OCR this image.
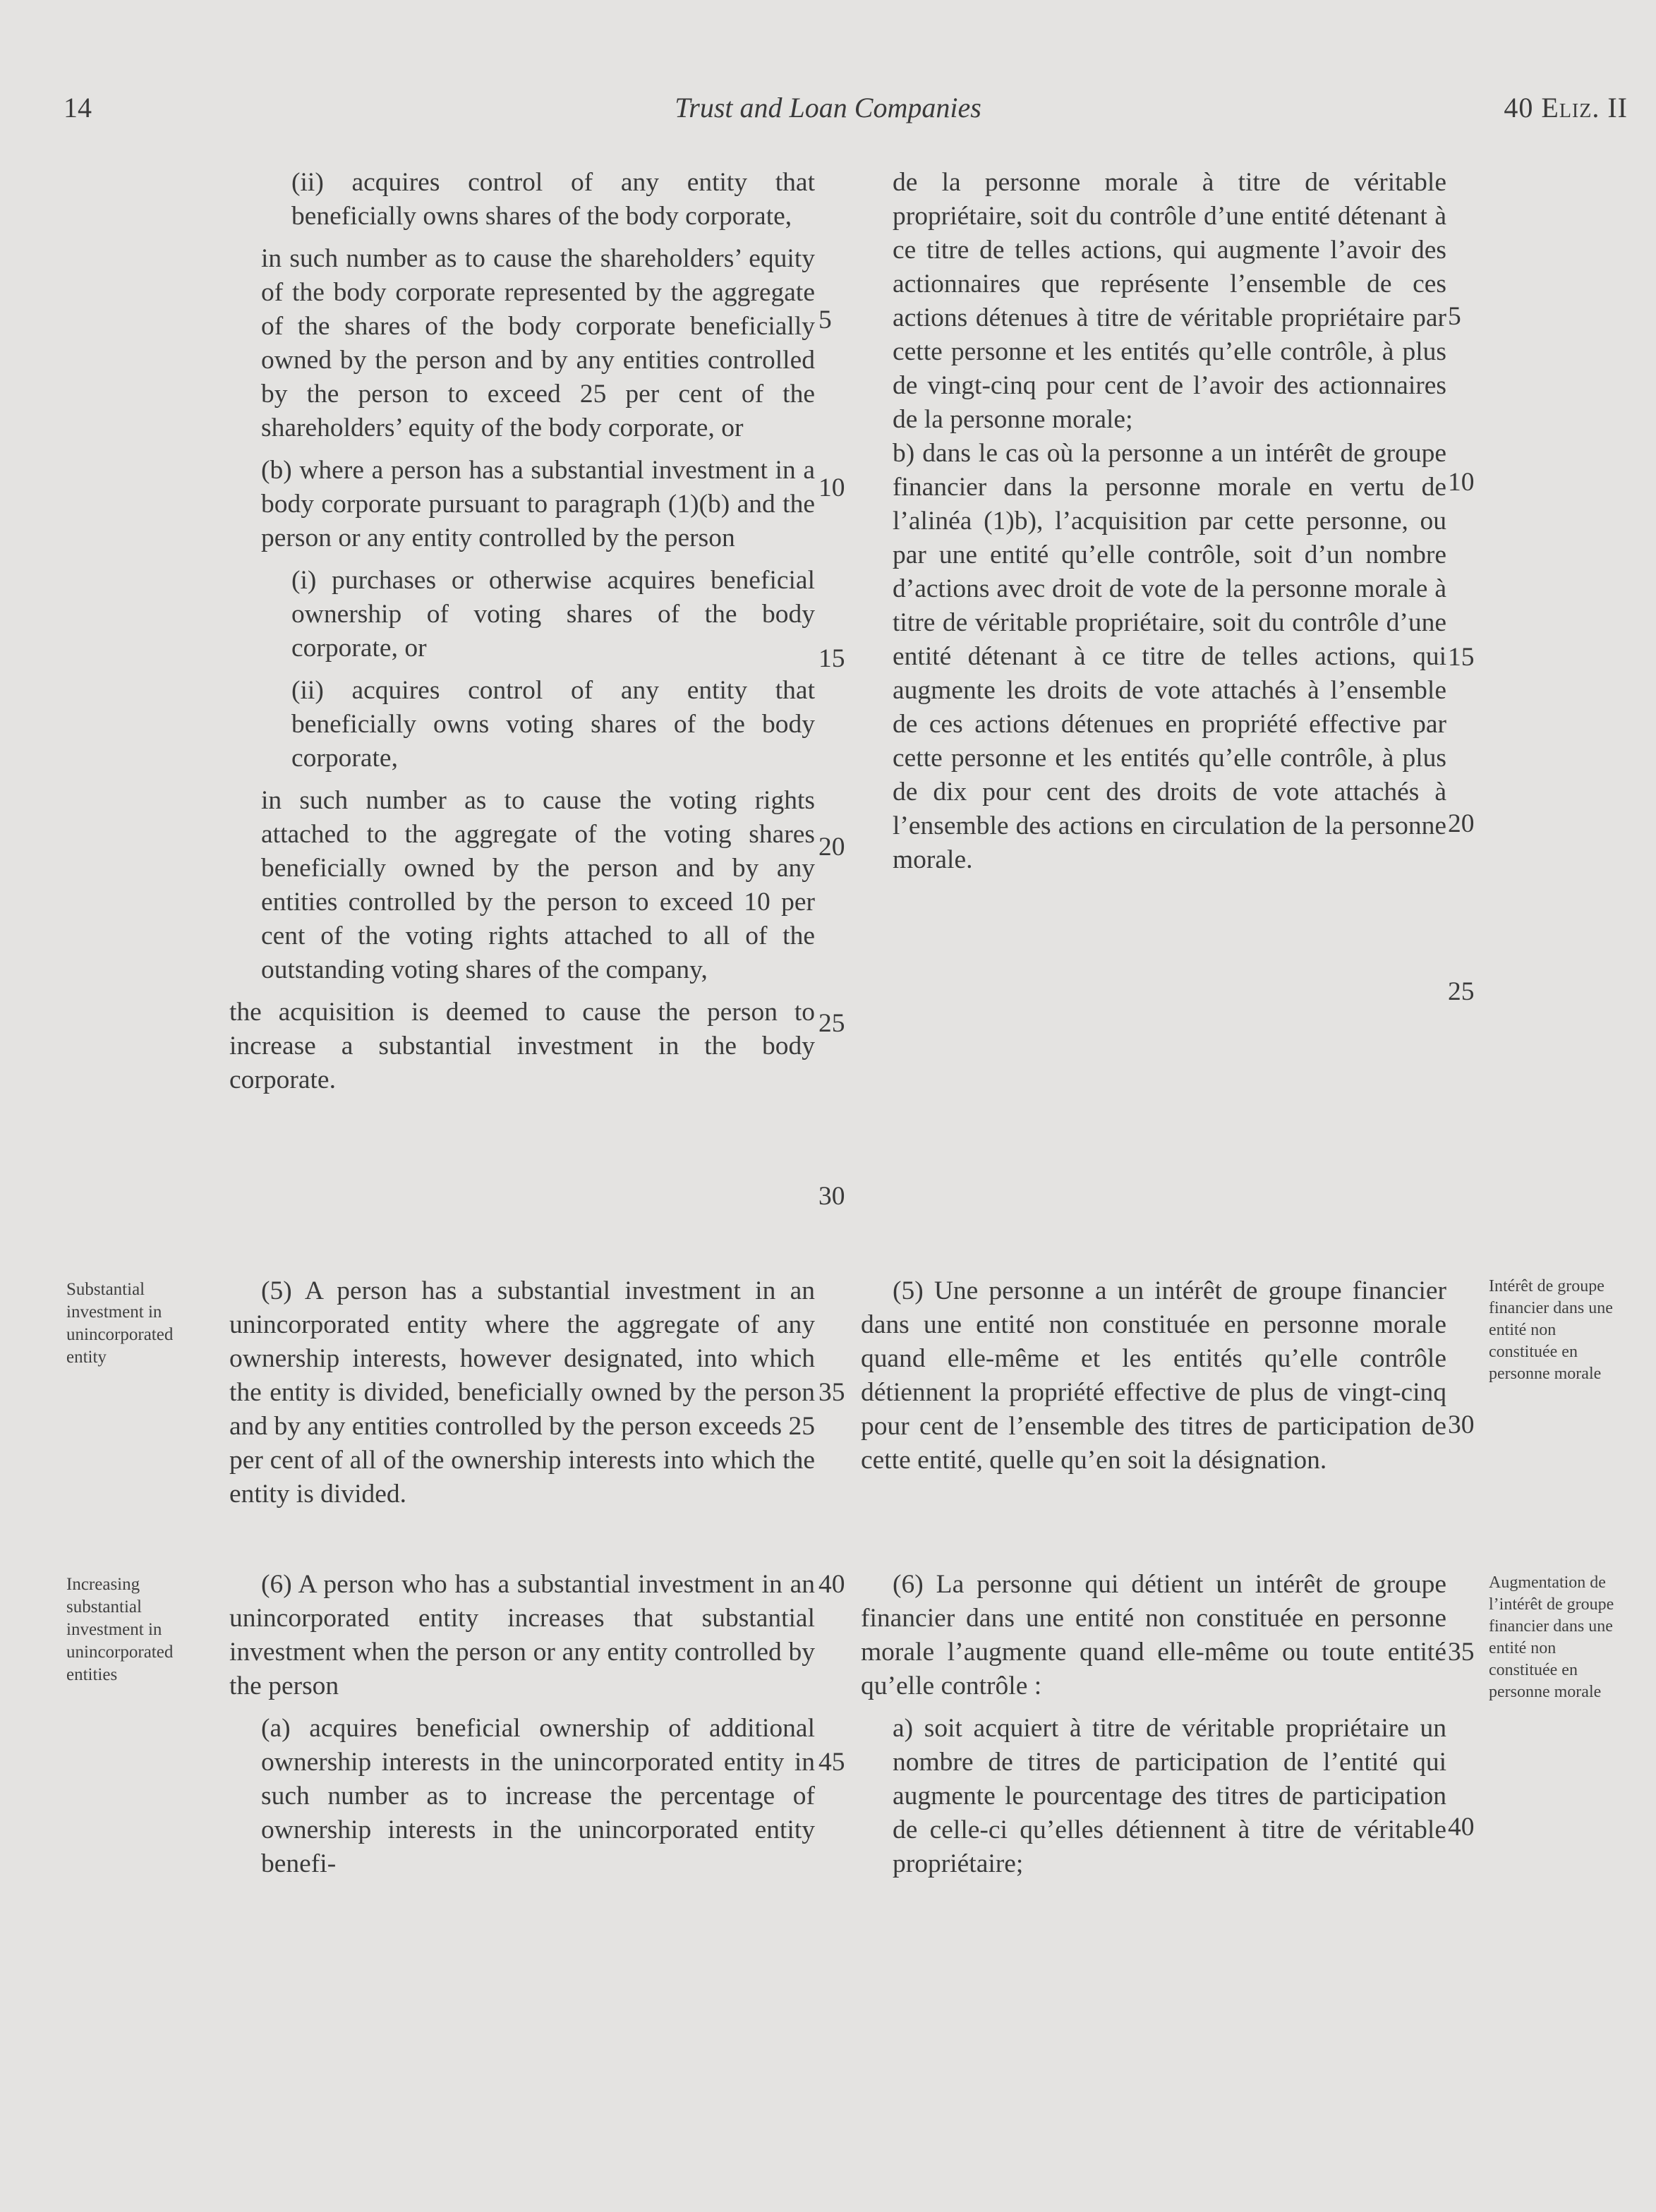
14	Trust and Loan Companies	40 Eliz. II

(ii) acquires control of any entity that beneficially owns shares of the body corporate,

in such number as to cause the shareholders’ equity of the body corporate represented by the aggregate of the shares of the body corporate beneficially owned by the person and by any entities controlled by the person to exceed 25 per cent of the shareholders’ equity of the body corporate, or

(b) where a person has a substantial investment in a body corporate pursuant to paragraph (1)(b) and the person or any entity controlled by the person

(i) purchases or otherwise acquires beneficial ownership of voting shares of the body corporate, or

(ii) acquires control of any entity that beneficially owns voting shares of the body corporate,

in such number as to cause the voting rights attached to the aggregate of the voting shares beneficially owned by the person and by any entities controlled by the person to exceed 10 per cent of the voting rights attached to all of the outstanding voting shares of the company,

the acquisition is deemed to cause the person to increase a substantial investment in the body corporate.

de la personne morale à titre de véritable propriétaire, soit du contrôle d’une entité détenant à ce titre de telles actions, qui augmente l’avoir des actionnaires que représente l’ensemble de ces actions détenues à titre de véritable propriétaire par cette personne et les entités qu’elle contrôle, à plus de vingt-cinq pour cent de l’avoir des actionnaires de la personne morale;

b) dans le cas où la personne a un intérêt de groupe financier dans la personne morale en vertu de l’alinéa (1)b), l’acquisition par cette personne, ou par une entité qu’elle contrôle, soit d’un nombre d’actions avec droit de vote de la personne morale à titre de véritable propriétaire, soit du contrôle d’une entité détenant à ce titre de telles actions, qui augmente les droits de vote attachés à l’ensemble de ces actions détenues en propriété effective par cette personne et les entités qu’elle contrôle, à plus de dix pour cent des droits de vote attachés à l’ensemble des actions en circulation de la personne morale.

Substantial investment in unincorporated entity

(5) A person has a substantial investment in an unincorporated entity where the aggregate of any ownership interests, however designated, into which the entity is divided, beneficially owned by the person and by any entities controlled by the person exceeds 25 per cent of all of the ownership interests into which the entity is divided.

(5) Une personne a un intérêt de groupe financier dans une entité non constituée en personne morale quand elle-même et les entités qu’elle contrôle détiennent la propriété effective de plus de vingt-cinq pour cent de l’ensemble des titres de participation de cette entité, quelle qu’en soit la désignation.

Intérêt de groupe financier dans une entité non constituée en personne morale
Increasing substantial investment in unincorporated entities

(6) A person who has a substantial investment in an unincorporated entity increases that substantial investment when the person or any entity controlled by the person

(a) acquires beneficial ownership of additional ownership interests in the unincorporated entity in such number as to increase the percentage of ownership interests in the unincorporated entity benefi-

(6) La personne qui détient un intérêt de groupe financier dans une entité non constituée en personne morale l’augmente quand elle-même ou toute entité qu’elle contrôle :

a) soit acquiert à titre de véritable propriétaire un nombre de titres de participation de l’entité qui augmente le pourcentage des titres de participation de celle-ci qu’elles détiennent à titre de véritable propriétaire;

Augmentation de l’intérêt de groupe financier dans une entité non constituée en personne morale
5
10
15
20
25
30
35
40
45
5
10
15
20
25
30
35
40
